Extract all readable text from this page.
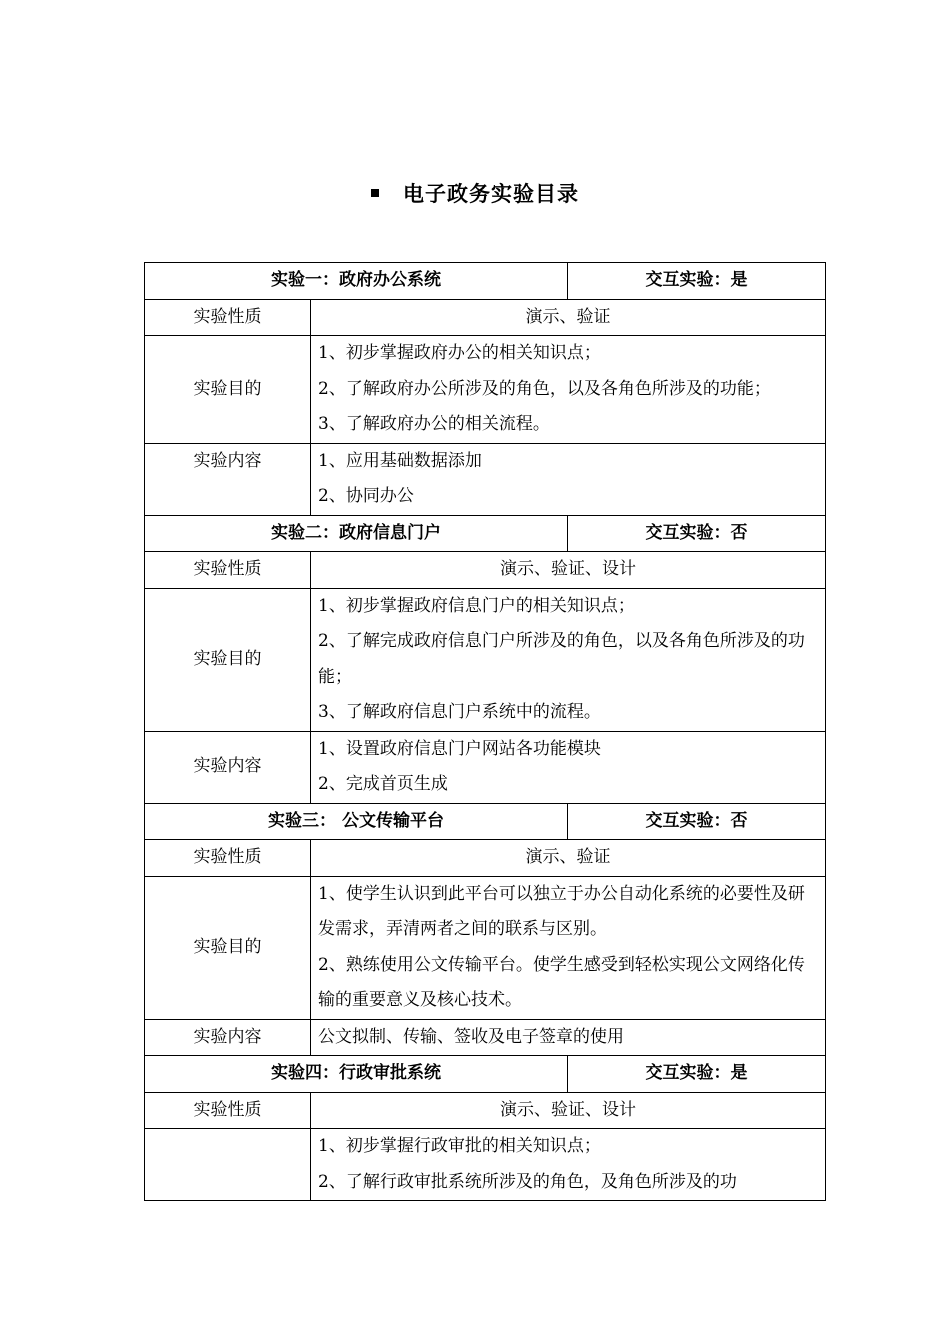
电子政务实验目录
实验一：政府办公系统		交互实验：是
实验性质	演示、验证	
实验目的	1、初步掌握政府办公的相关知识点；
2、了解政府办公所涉及的角色，以及各角色所涉及的功能；
3、了解政府办公的相关流程。	

实验内容	1、应用基础数据添加
2、协同办公	

实验二：政府信息门户		交互实验：否
实验性质	演示、验证、设计	
实验目的	1、初步掌握政府信息门户的相关知识点；
2、了解完成政府信息门户所涉及的角色，以及各角色所涉及的功能；
3、了解政府信息门户系统中的流程。	

实验内容	1、设置政府信息门户网站各功能模块
2、完成首页生成	

实验三： 公文传输平台		交互实验：否
实验性质	演示、验证	
实验目的	1、使学生认识到此平台可以独立于办公自动化系统的必要性及研发需求，弄清两者之间的联系与区别。
2、熟练使用公文传输平台。使学生感受到轻松实现公文网络化传输的重要意义及核心技术。	

实验内容	公文拟制、传输、签收及电子签章的使用	

实验四：行政审批系统		交互实验：是
实验性质	演示、验证、设计	

	1、初步掌握行政审批的相关知识点；
2、了解行政审批系统所涉及的角色，及角色所涉及的功	
